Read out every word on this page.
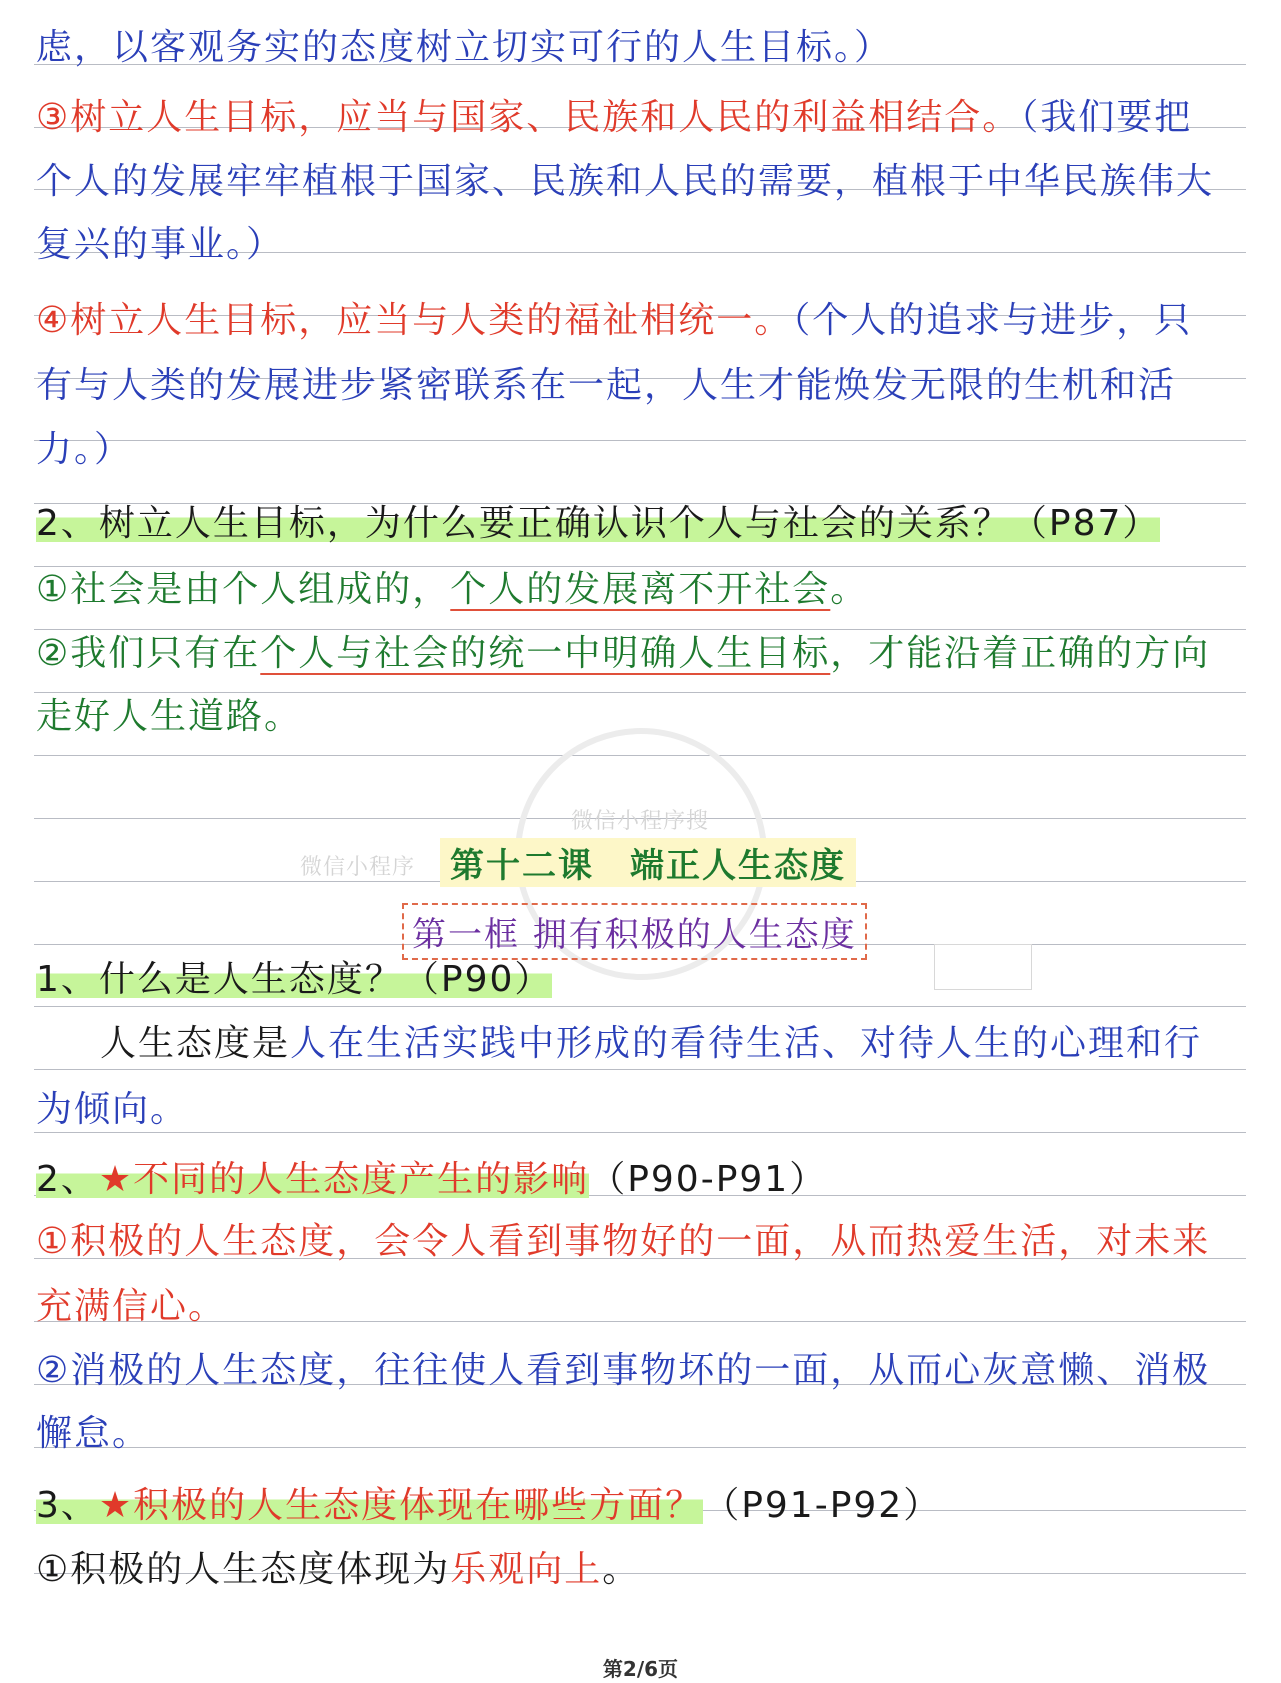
微信小程序搜
微信小程序
虑，以客观务实的态度树立切实可行的人生目标。）
③树立人生目标，应当与国家、民族和人民的利益相结合。（我们要把
个人的发展牢牢植根于国家、民族和人民的需要，植根于中华民族伟大
复兴的事业。）
④树立人生目标，应当与人类的福祉相统一。（个人的追求与进步，只
有与人类的发展进步紧密联系在一起，人生才能焕发无限的生机和活
力。）
2、树立人生目标，为什么要正确认识个人与社会的关系？（P87）
①社会是由个人组成的，个人的发展离不开社会。
②我们只有在个人与社会的统一中明确人生目标，才能沿着正确的方向
走好人生道路。
第十二课　端正人生态度
第一框 拥有积极的人生态度
1、什么是人生态度？（P90）
人生态度是人在生活实践中形成的看待生活、对待人生的心理和行
为倾向。
2、★不同的人生态度产生的影响（P90-P91）
①积极的人生态度，会令人看到事物好的一面，从而热爱生活，对未来
充满信心。
②消极的人生态度，往往使人看到事物坏的一面，从而心灰意懒、消极
懈怠。
3、★积极的人生态度体现在哪些方面？（P91-P92）
①积极的人生态度体现为乐观向上。
第2/6页
